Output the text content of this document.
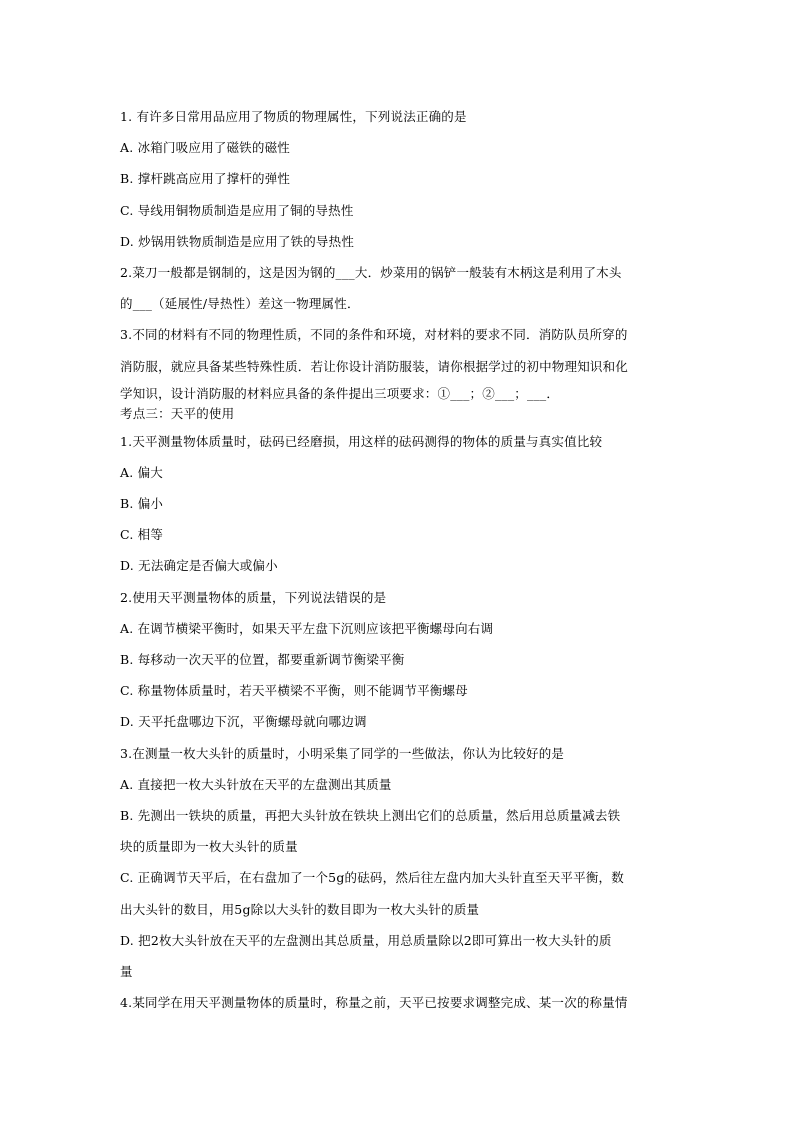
1. 有许多日常用品应用了物质的物理属性，下列说法正确的是
A. 冰箱门吸应用了磁铁的磁性
B. 撑杆跳高应用了撑杆的弹性
C. 导线用铜物质制造是应用了铜的导热性
D. 炒锅用铁物质制造是应用了铁的导热性
2.菜刀一般都是钢制的，这是因为钢的___大．炒菜用的锅铲一般装有木柄这是利用了木头
的___（延展性/导热性）差这一物理属性．
3.不同的材料有不同的物理性质，不同的条件和环境，对材料的要求不同．消防队员所穿的
消防服，就应具备某些特殊性质．若让你设计消防服装，请你根据学过的初中物理知识和化
学知识，设计消防服的材料应具备的条件提出三项要求：①___；②___；___．
考点三：天平的使用
1.天平测量物体质量时，砝码已经磨损，用这样的砝码测得的物体的质量与真实值比较
A. 偏大
B. 偏小
C. 相等
D. 无法确定是否偏大或偏小
2.使用天平测量物体的质量，下列说法错误的是
A. 在调节横梁平衡时，如果天平左盘下沉则应该把平衡螺母向右调
B. 每移动一次天平的位置，都要重新调节衡梁平衡
C. 称量物体质量时，若天平横梁不平衡，则不能调节平衡螺母
D. 天平托盘哪边下沉，平衡螺母就向哪边调
3.在测量一枚大头针的质量时，小明采集了同学的一些做法，你认为比较好的是
A. 直接把一枚大头针放在天平的左盘测出其质量
B. 先测出一铁块的质量，再把大头针放在铁块上测出它们的总质量，然后用总质量减去铁
块的质量即为一枚大头针的质量
C. 正确调节天平后，在右盘加了一个5g的砝码，然后往左盘内加大头针直至天平平衡，数
出大头针的数目，用5g除以大头针的数目即为一枚大头针的质量
D. 把2枚大头针放在天平的左盘测出其总质量，用总质量除以2即可算出一枚大头针的质
量
4.某同学在用天平测量物体的质量时，称量之前，天平已按要求调整完成、某一次的称量情
